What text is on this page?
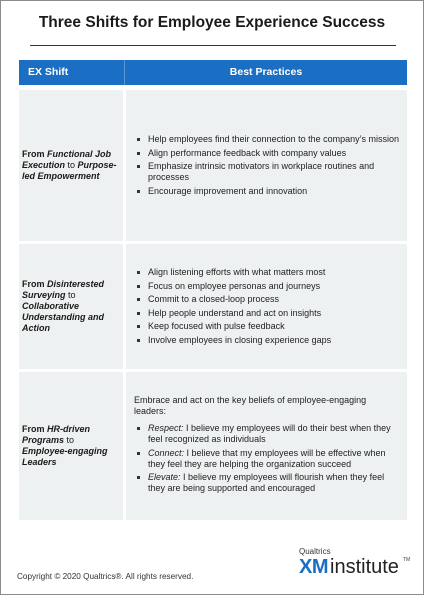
Three Shifts for Employee Experience Success
EX Shift	Best Practices
From Functional Job Execution to Purpose-led Empowerment
Help employees find their connection to the company’s mission
Align performance feedback with company values
Emphasize intrinsic motivators in workplace routines and processes
Encourage improvement and innovation
From Disinterested Surveying to Collaborative Understanding and Action
Align listening efforts with what matters most
Focus on employee personas and journeys
Commit to a closed-loop process
Help people understand and act on insights
Keep focused with pulse feedback
Involve employees in closing experience gaps
From HR-driven Programs to Employee-engaging Leaders
Embrace and act on the key beliefs of employee-engaging leaders:
Respect: I believe my employees will do their best when they feel recognized as individuals
Connect: I believe that my employees will be effective when they feel they are helping the organization succeed
Elevate: I believe my employees will flourish when they feel they are being supported and encouraged
Copyright © 2020 Qualtrics®. All rights reserved.
Qualtrics
XM institute TM
